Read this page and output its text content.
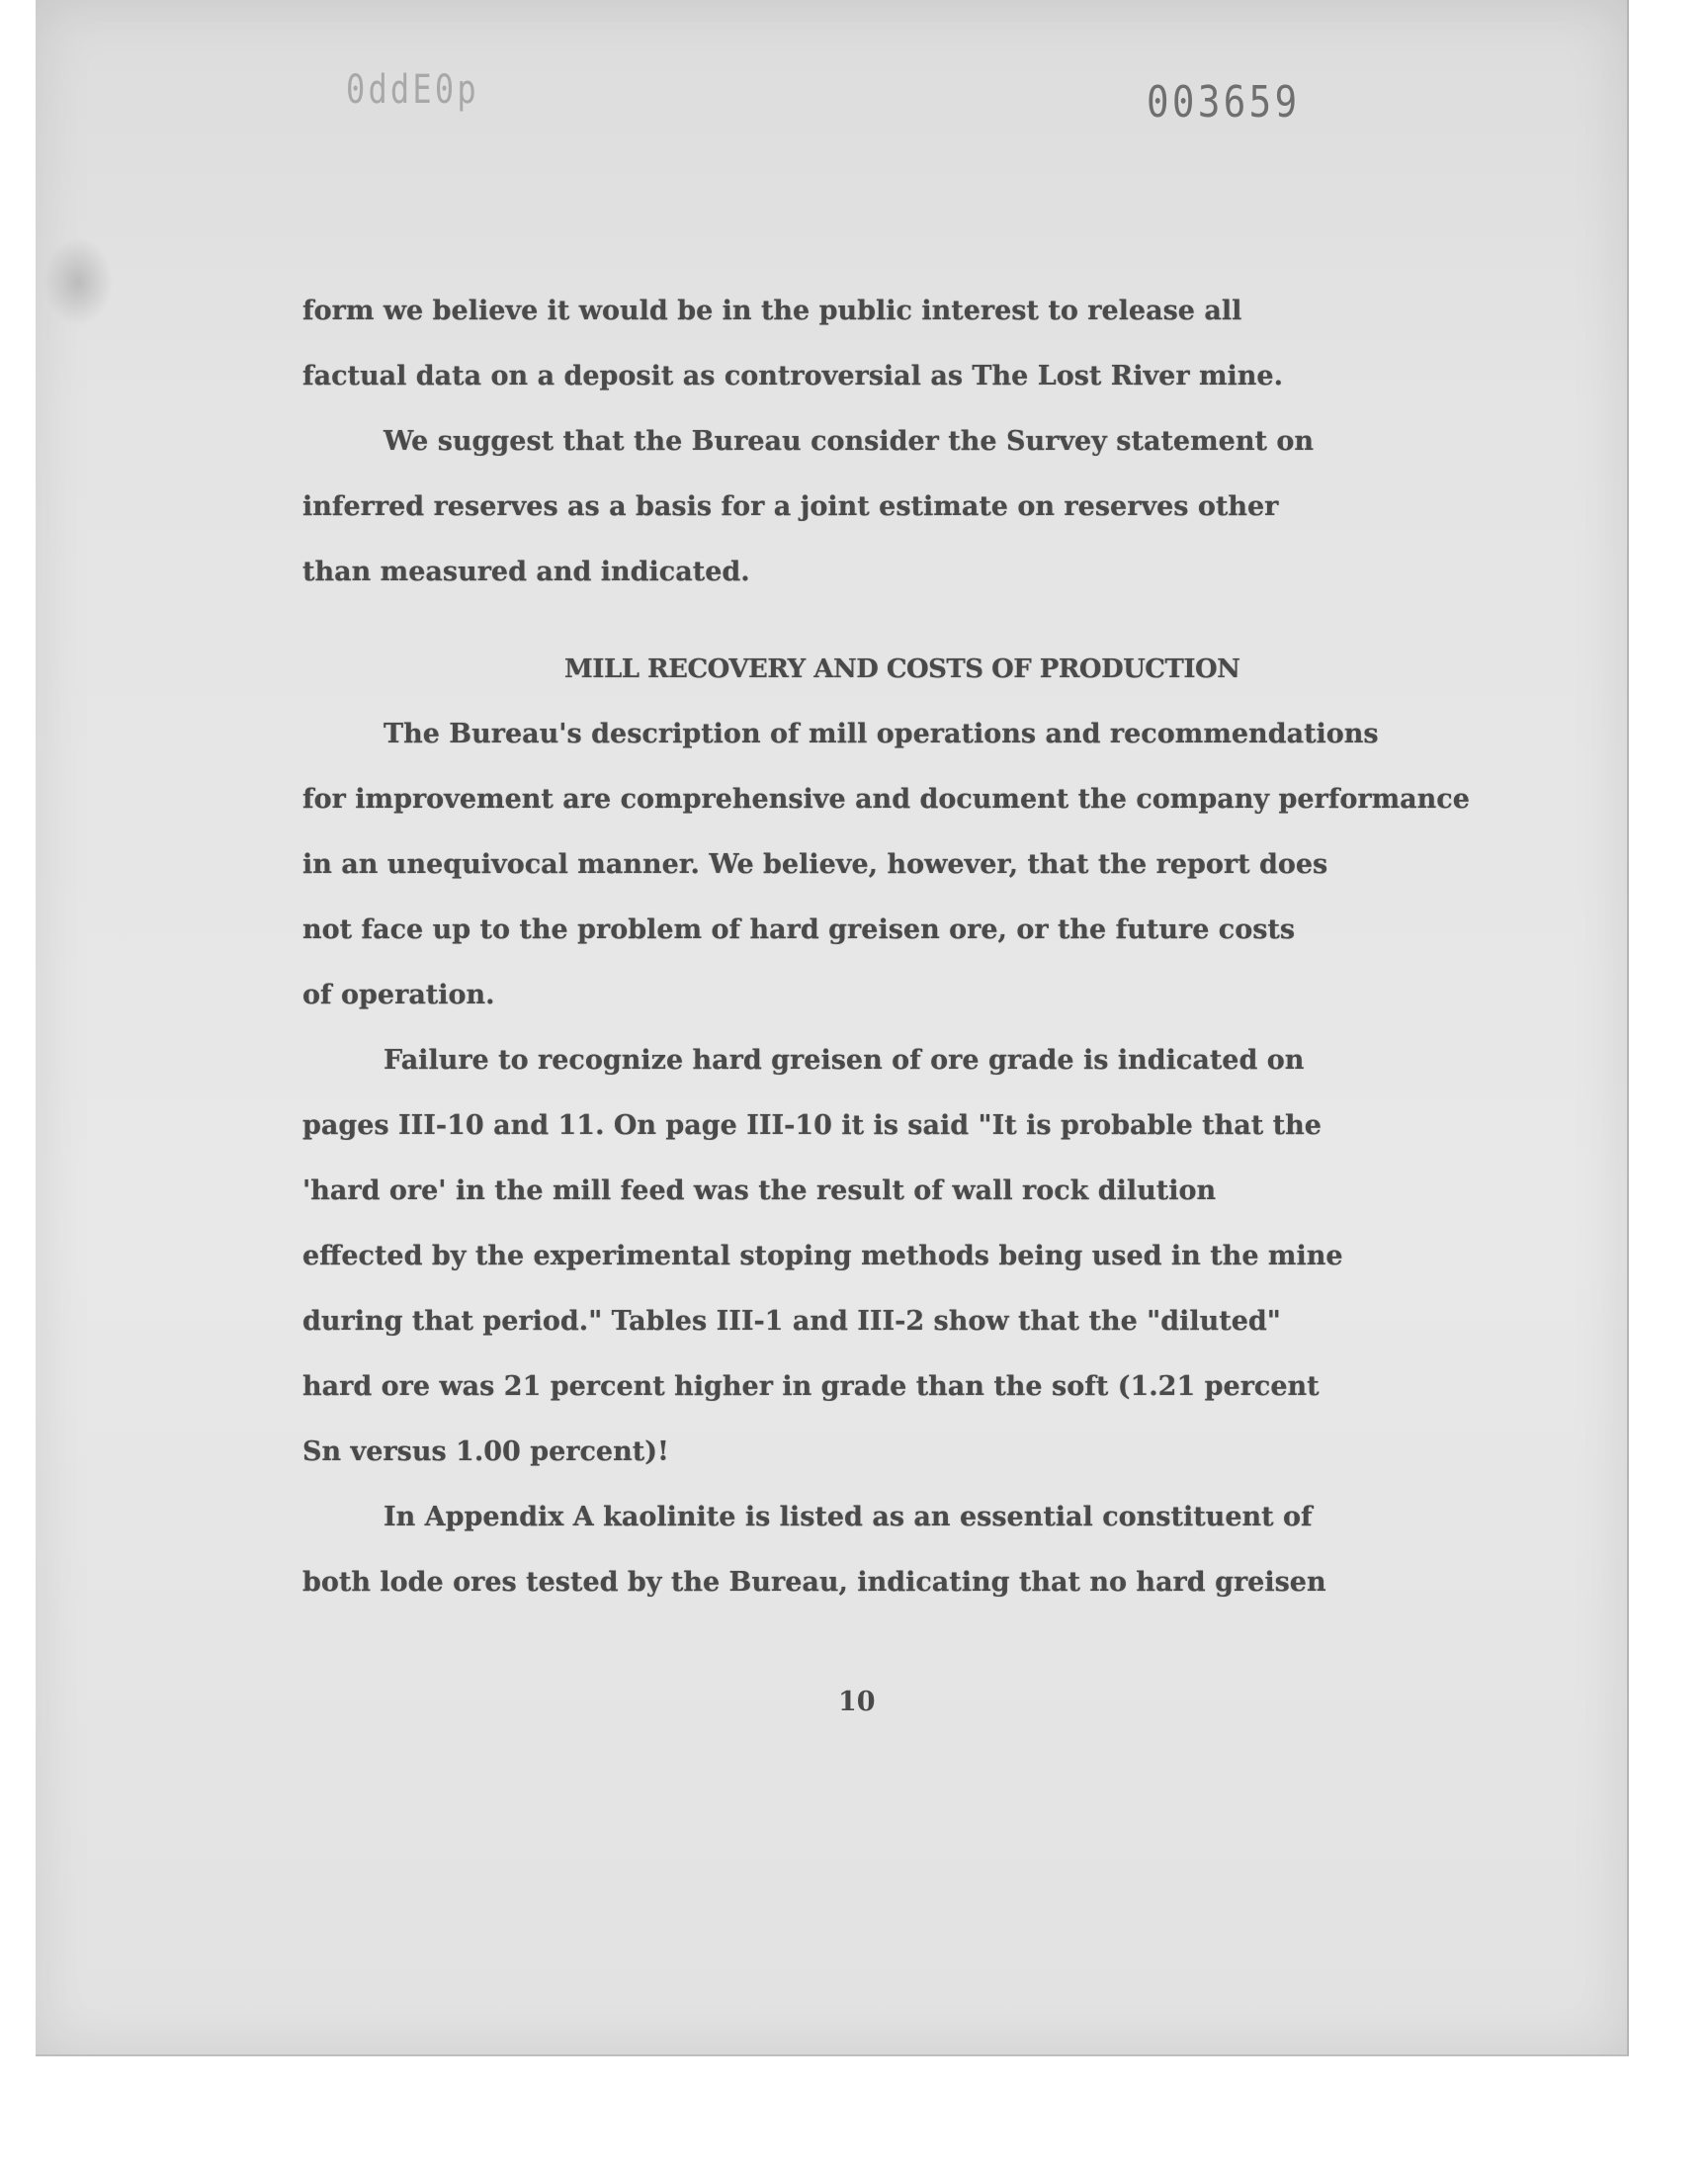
0ddE0p	003659
form we believe it would be in the public interest to release all
factual data on a deposit as controversial as The Lost River mine.
We suggest that the Bureau consider the Survey statement on
inferred reserves as a basis for a joint estimate on reserves other
than measured and indicated.
MILL RECOVERY AND COSTS OF PRODUCTION
The Bureau's description of mill operations and recommendations
for improvement are comprehensive and document the company performance
in an unequivocal manner. We believe, however, that the report does
not face up to the problem of hard greisen ore, or the future costs
of operation.
Failure to recognize hard greisen of ore grade is indicated on
pages III-10 and 11. On page III-10 it is said "It is probable that the
'hard ore' in the mill feed was the result of wall rock dilution
effected by the experimental stoping methods being used in the mine
during that period." Tables III-1 and III-2 show that the "diluted"
hard ore was 21 percent higher in grade than the soft (1.21 percent
Sn versus 1.00 percent)!
In Appendix A kaolinite is listed as an essential constituent of
both lode ores tested by the Bureau, indicating that no hard greisen
10
